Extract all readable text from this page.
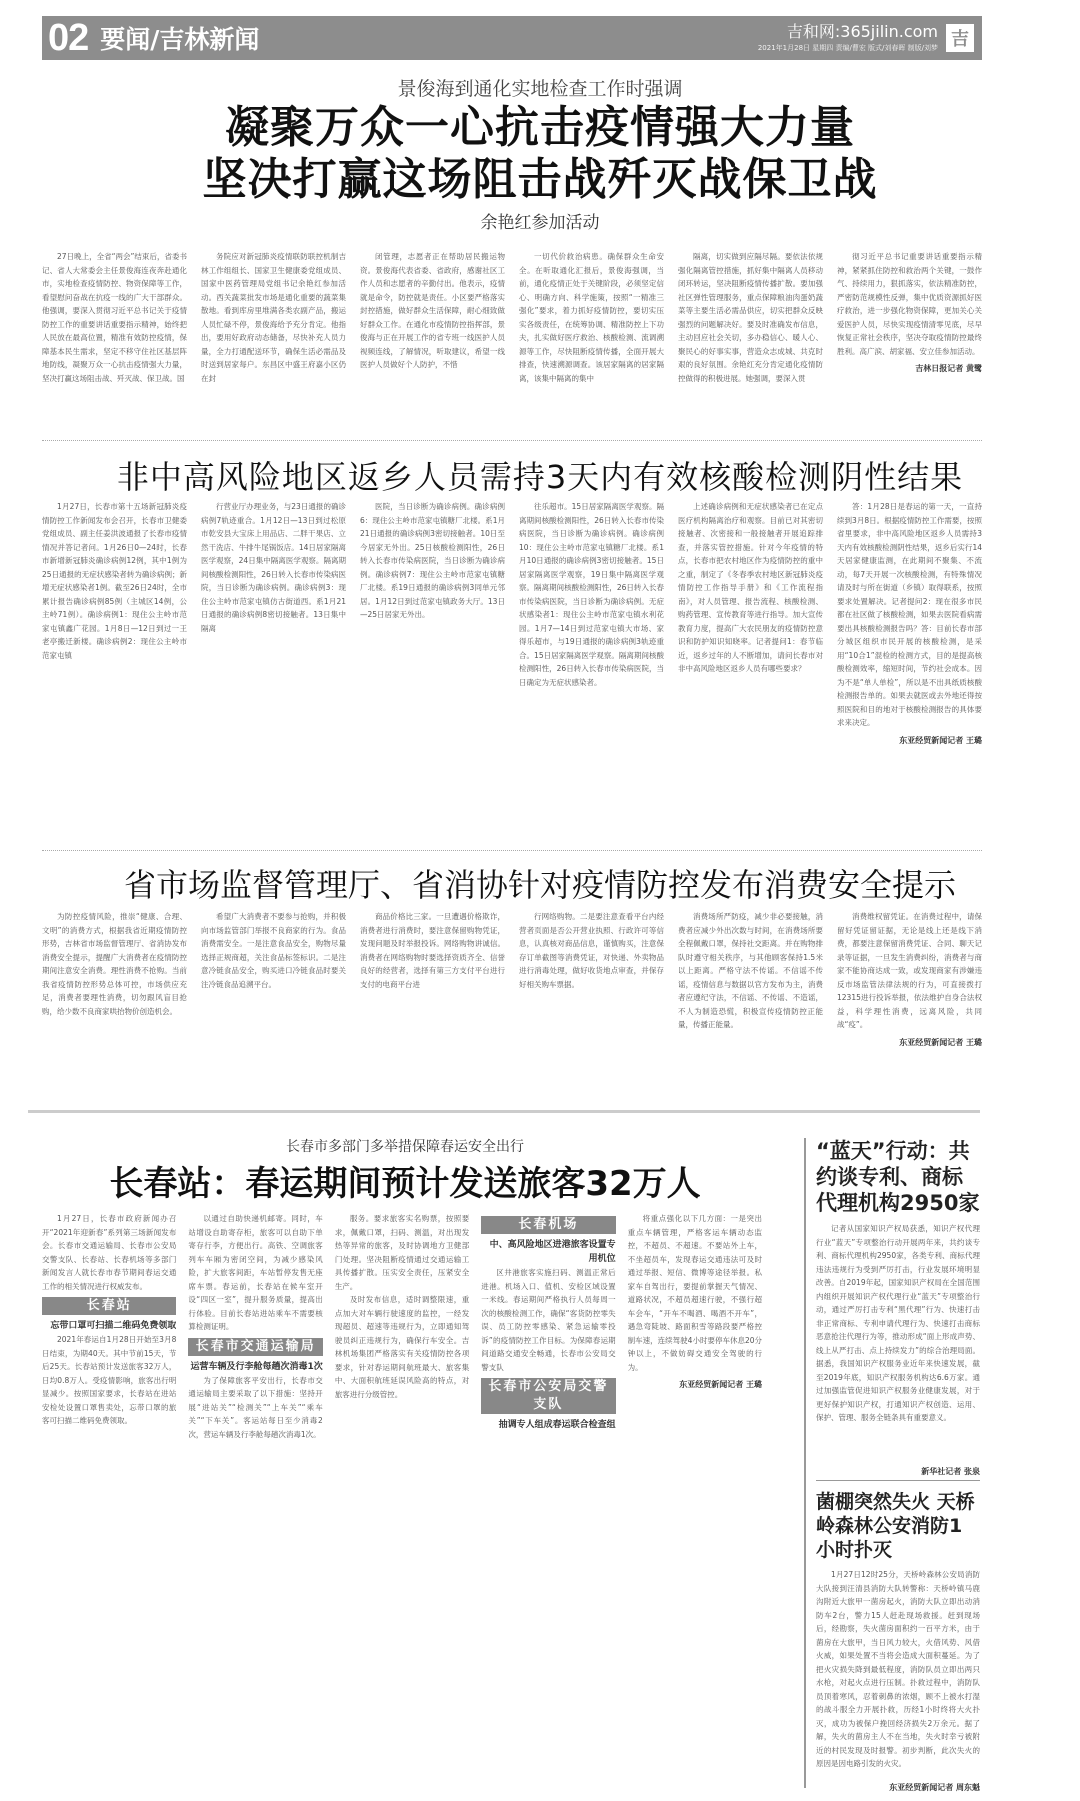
02 要闻/吉林新闻	吉和网:365jilin.com
2021年1月28日 星期四 责编/曹宏 版式/刘春晖 制版/刘梦 吉
景俊海到通化实地检查工作时强调
凝聚万众一心抗击疫情强大力量
坚决打赢这场阻击战歼灭战保卫战
余艳红参加活动

27日晚上，全省“两会”结束后，省委书记、省人大常委会主任景俊海连夜奔赴通化市，实地检查疫情防控、物资保障等工作，看望慰问奋战在抗疫一线的广大干部群众。他强调，要深入贯彻习近平总书记关于疫情防控工作的重要讲话重要指示精神，始终把人民放在最高位置，精准有效防控疫情，保障基本民生需求，坚定不移守住社区基层阵地防线，凝聚万众一心抗击疫情强大力量，坚决打赢这场阻击战、歼灭战、保卫战。国

务院应对新冠肺炎疫情联防联控机制吉林工作组组长、国家卫生健康委党组成员、国家中医药管理局党组书记余艳红参加活动。西关蔬菜批发市场是通化重要的蔬菜集散地。看到库房里堆满各类农副产品，搬运人员忙碌不停，景俊海给予充分肯定。他指出，要用好政府动态储备，尽快补充人员力量，全力打通配送环节，确保生活必需品及时送到居家每户。东昌区中盛王府嘉小区仍在封

闭管理，志愿者正在帮助居民搬运物资。景俊海代表省委、省政府，感谢社区工作人员和志愿者的辛勤付出。他表示，疫情就是命令，防控就是责任。小区要严格落实封控措施，做好群众生活保障，耐心细致做好群众工作。在通化市疫情防控指挥部，景俊海与正在开展工作的省专班一线医护人员视频连线，了解情况，听取建议，希望一线医护人员做好个人防护，不惜

一切代价救治病患。确保群众生命安全。在听取通化汇报后，景俊海强调，当前，通化疫情正处于关键阶段，必须坚定信心、明确方向、科学施策，按照“一精准三强化”要求，着力抓好疫情防控，要切实压实各级责任，在统筹协调、精准防控上下功夫，扎实做好医疗救治、核酸检测、流调溯源等工作，尽快阻断疫情传播，全面开展大排查，快速溯源调查。该居家隔离的居家隔离，该集中隔离的集中

隔离，切实做到应隔尽隔。要依法依规强化隔离管控措施，抓好集中隔离人员移动闭环转运，坚决阻断疫情传播扩散。要加强社区弹性管理服务，重点保障粮油肉蛋奶蔬菜等主要生活必需品供应，切实把群众反映强烈的问题解决好。要及时准确发布信息，主动回应社会关切，多办稳信心、暖人心、聚民心的好事实事，营造众志成城、共克时艰的良好氛围。余艳红充分肯定通化疫情防控做得的积极进展。她强调，要深入贯

彻习近平总书记重要讲话重要指示精神，紧紧抓住防控和救治两个关键，一鼓作气、持续用力，狠抓落实，依法精准防控，严密防范规模性反弹，集中优质资源抓好医疗救治，进一步强化物资保障，更加关心关爱医护人员，尽快实现疫情清零见底，尽早恢复正常社会秩序，坚决夺取疫情防控最终胜利。高广滨、胡家福、安立佳参加活动。

吉林日报记者 黄鹭
非中高风险地区返乡人员需持3天内有效核酸检测阴性结果

1月27日，长春市第十五场新冠肺炎疫情防控工作新闻发布会召开，长春市卫健委党组成员、副主任姜洪波通报了长春市疫情情况并答记者问。1月26日0—24时，长春市新增新冠肺炎确诊病例12例，其中1例为25日通报的无症状感染者转为确诊病例；新增无症状感染者1例。截至26日24时，全市累计报告确诊病例85例（主城区14例，公主岭71例）。确诊病例1：现住公主岭市范家屯镇鑫广花园。1月8日—12日到过一王老亭搬迁新楼。确诊病例2：现住公主岭市范家屯镇

行营业厅办理业务，与23日通报的确诊病例7轨迹重合。1月12日—13日到过松原市乾安县大宝床上用品店、二胖干果店、立然干洗店、牛排牛尾锅饭店。14日居家隔离医学观察，24日集中隔离医学观察。隔离期间核酸检测阳性，26日转入长春市传染病医院，当日诊断为确诊病例。确诊病例3：现住公主岭市范家屯镇仿古街道西。系1月21日通报的确诊病例8密切接触者。13日集中隔离

医院，当日诊断为确诊病例。确诊病例6：现住公主岭市范家屯镇糖厂北楼。系1月21日通报的确诊病例3密切接触者。10日至今居家无外出。25日核酸检测阳性，26日转入长春市传染病医院，当日诊断为确诊病例。确诊病例7：现住公主岭市范家屯镇糖厂北楼。系19日通报的确诊病例3同单元邻居。1月12日到过范家屯镇政务大厅。13日—25日居家无外出。

往乐超市。15日居家隔离医学观察。隔离期间核酸检测阳性，26日转入长春市传染病医院，当日诊断为确诊病例。确诊病例10：现住公主岭市范家屯镇糖厂北楼。系1月10日通报的确诊病例3密切接触者。15日居家隔离医学观察，19日集中隔离医学观察。隔离期间核酸检测阳性，26日转入长春市传染病医院，当日诊断为确诊病例。无症状感染者1：现住公主岭市范家屯镇水利花园。1月7—14日到过范家屯镇大市场、家得乐超市，与19日通报的确诊病例3轨迹重合。15日居家隔离医学观察。隔离期间核酸检测阳性，26日转入长春市传染病医院，当日确定为无症状感染者。

上述确诊病例和无症状感染者已在定点医疗机构隔离治疗和观察。目前已对其密切接触者、次密接和一般接触者开展追踪排查，并落实管控措施。针对今年疫情的特点，长春市把农村地区作为疫情防控的重中之重，制定了《冬春季农村地区新冠肺炎疫情防控工作指导手册》和《工作流程指南》，对人员管理、报告流程、核酸检测、购药管理、宣传教育等进行指导。加大宣传教育力度，提高广大农民朋友的疫情防控意识和防护知识知晓率。记者提问1：春节临近，返乡过年的人不断增加，请问长春市对非中高风险地区返乡人员有哪些要求？

答：1月28日是春运的第一天，一直持续到3月8日。根据疫情防控工作需要，按照省里要求，非中高风险地区返乡人员需持3天内有效核酸检测阴性结果，返乡后实行14天居家健康监测，在此期间不聚集、不流动，每7天开展一次核酸检测，有特殊情况请及时与所在街道（乡镇）取得联系，按照要求处置解决。记者提问2：现在很多市民都在社区做了核酸检测，如果去医院看病需要出具核酸检测报告吗？答：目前长春市部分城区组织市民开展的核酸检测，是采用“10合1”混检的检测方式，目的是提高核酸检测效率，缩短时间，节约社会成本。因为不是“单人单检”，所以是不出具纸质核酸检测报告单的。如果去就医或去外地还得按照医院和目的地对于核酸检测报告的具体要求来决定。

东亚经贸新闻记者 王璐
省市场监督管理厅、省消协针对疫情防控发布消费安全提示

为防控疫情风险，推崇“健康、合理、文明”的消费方式，根据我省近期疫情防控形势，吉林省市场监督管理厅、省消协发布消费安全提示，提醒广大消费者在疫情防控期间注意安全消费。理性消费不抢购。当前我省疫情防控形势总体可控，市场供应充足，消费者要理性消费，切勿跟风盲目抢购，给少数不良商家哄抬物价创造机会。

希望广大消费者不要参与抢购，并积极向市场监管部门举报不良商家的行为。食品消费需安全。一是注意食品安全，购物尽量选择正规商超，关注食品标签标识。二是注意冷链食品安全，购买进口冷链食品时要关注冷链食品追溯平台。

商品价格比三家。一旦遭遇价格欺诈，消费者进行消费时，要注意保留购物凭证，发现问题及时举报投诉。网络购物讲诚信。消费者在网络购物时要选择资质齐全、信誉良好的经营者，选择有第三方支付平台进行支付的电商平台进

行网络购物。二是要注意查看平台内经营者页面是否公开营业执照、行政许可等信息，认真核对商品信息，谨慎购买，注意保存订单截图等消费凭证，对快递、外卖物品进行消毒处理，做好收货地点审查，并保存好相关购车票据。

消费场所严防疫，减少非必要接触，消费者应减少外出次数与时间，在消费场所要全程佩戴口罩，保持社交距离。并在购物排队时遵守相关秩序，与其他顾客保持1.5米以上距离。严格守法不传谣。不信谣不传谣，疫情信息与数据以官方发布为主，消费者应遵纪守法，不信谣、不传谣、不造谣，不人为制造恐慌，积极宣传疫情防控正能量，传播正能量。

消费维权留凭证。在消费过程中，请保留好凭证留证据，无论是线上还是线下消费，都要注意保留消费凭证、合同、聊天记录等证据，一旦发生消费纠纷，消费者与商家不能协商达成一致，或发现商家有涉嫌违反市场监管法律法规的行为，可直接拨打12315进行投诉举报，依法维护自身合法权益，科学理性消费，远离风险，共同战“疫”。

东亚经贸新闻记者 王璐
长春市多部门多举措保障春运安全出行
长春站：春运期间预计发送旅客32万人

1月27日，长春市政府新闻办召开“2021年迎新春”系列第三场新闻发布会。长春市交通运输局、长春市公安局交警支队、长春站、长春机场等多部门新闻发言人就长春市春节期间春运交通工作的相关情况进行权威发布。

长春站
忘带口罩可扫描二维码免费领取

2021年春运自1月28日开始至3月8日结束，为期40天。其中节前15天，节后25天。长春站预计发送旅客32万人，日均0.8万人。受疫情影响，旅客出行明显减少。按照国家要求，长春站在进站安检处设置口罩售卖处，忘带口罩的旅客可扫描二维码免费领取。

以通过自助快递机邮寄。同时，车站增设自助寄存柜，旅客可以自助下单寄存行李，方便出行。高铁、空调旅客列车车厢为密闭空间，为减少感染风险，扩大旅客间距，车站暂停发售无座席车票。春运前，长春站在候车室开设“四区一室”，提升服务质量，提高出行体验。目前长春站进站乘车不需要核算检测证明。

长春市交通运输局
运营车辆及行李舱每趟次消毒1次

为了保障旅客平安出行，长春市交通运输局主要采取了以下措施：坚持开展“进站关”“检测关”“上车关”“乘车关”“下车关”。客运站每日至少消毒2次，营运车辆及行李舱每趟次消毒1次。

服务。要求旅客实名购票，按照要求，佩戴口罩，扫码、测温，对出现发热等异常的旅客，及时协调地方卫健部门处理。坚决阻断疫情通过交通运输工具传播扩散。压实安全责任，压紧安全生产。

及时发布信息，适时调整限速，重点加大对车辆行驶速度的监控，一经发现超员、超速等违规行为，立即通知驾驶员纠正违规行为，确保行车安全。吉林机场集团严格落实有关疫情防控各项要求，针对春运期间航班最大、旅客集中、大面积航班延误风险高的特点，对旅客进行分级管控。

长春机场
中、高风险地区进港旅客设置专用机位

区井港旅客实施扫码、测温正常后进港。机场入口、值机、安检区域设置一米线。春运期间严格执行人员每周一次的核酸检测工作，确保“客货防控零失误、员工防控零感染、紧急运输零投诉”的疫情防控工作目标。为保障春运期间道路交通安全畅通，长春市公安局交警支队

长春市公安局交警支队
抽调专人组成春运联合检查组

将重点强化以下几方面：一是突出重点车辆管理，严格客运车辆动态监控，不超员、不超速。不要站外上车，不坐超员车，发现春运交通违法可及时通过举报、短信、微博等途径举报。私家车自驾出行，要提前掌握天气情况、道路状况，不超员超速行驶，不强行超车会车，“开车不喝酒、喝酒不开车”，遇急弯陡坡、路面积雪等路段要严格控制车速，连续驾驶4小时要停车休息20分钟以上，不做妨碍交通安全驾驶的行为。

东亚经贸新闻记者 王璐
“蓝天”行动：共约谈专利、商标代理机构2950家

记者从国家知识产权局获悉，知识产权代理行业“蓝天”专项整治行动开展两年来，共约谈专利、商标代理机构2950家，各类专利、商标代理违法违规行为受到严厉打击，行业发展环境明显改善。自2019年起，国家知识产权局在全国范围内组织开展知识产权代理行业“蓝天”专项整治行动，通过严厉打击专利“黑代理”行为、快速打击非正常商标、专利申请代理行为、快速打击商标恶意抢注代理行为等，推动形成“面上形成声势、线上从严打击、点上持续发力”的综合治理局面。据悉，我国知识产权服务业近年来快速发展，截至2019年底，知识产权服务机构达6.6万家。通过加强监管促进知识产权服务业健康发展，对于更好保护知识产权，打通知识产权创造、运用、保护、管理、服务全链条具有重要意义。

新华社记者 张泉
菌棚突然失火 天桥岭森林公安消防1小时扑灭

1月27日12时25分，天桥岭森林公安局消防大队接到汪清县消防大队转警称：天桥岭镇马鹿沟附近大旅甲一菌房起火，消防大队立即出动消防车2台，警力15人赶赴现场救援。赶到现场后，经勘察，失火菌房面积约一百平方米，由于菌房在大旅甲，当日风力较大，火借风势、风借火威，如果处置不当将会造成大面积蔓延。为了把火灾损失降到最低程度，消防队员立即出两只水枪，对起火点进行压制。扑救过程中，消防队员顶着寒风，忍着刺鼻的浓烟，顾不上被水打湿的战斗服全力开展扑救，历经1小时终将大火扑灭，成功为被保户挽回经济损失2万余元。据了解，失火的菌房主人不在当地，失火时幸亏被附近的村民发现及时报警。初步判断，此次失火的原因是因电路引发的火灾。

东亚经贸新闻记者 周东魁
